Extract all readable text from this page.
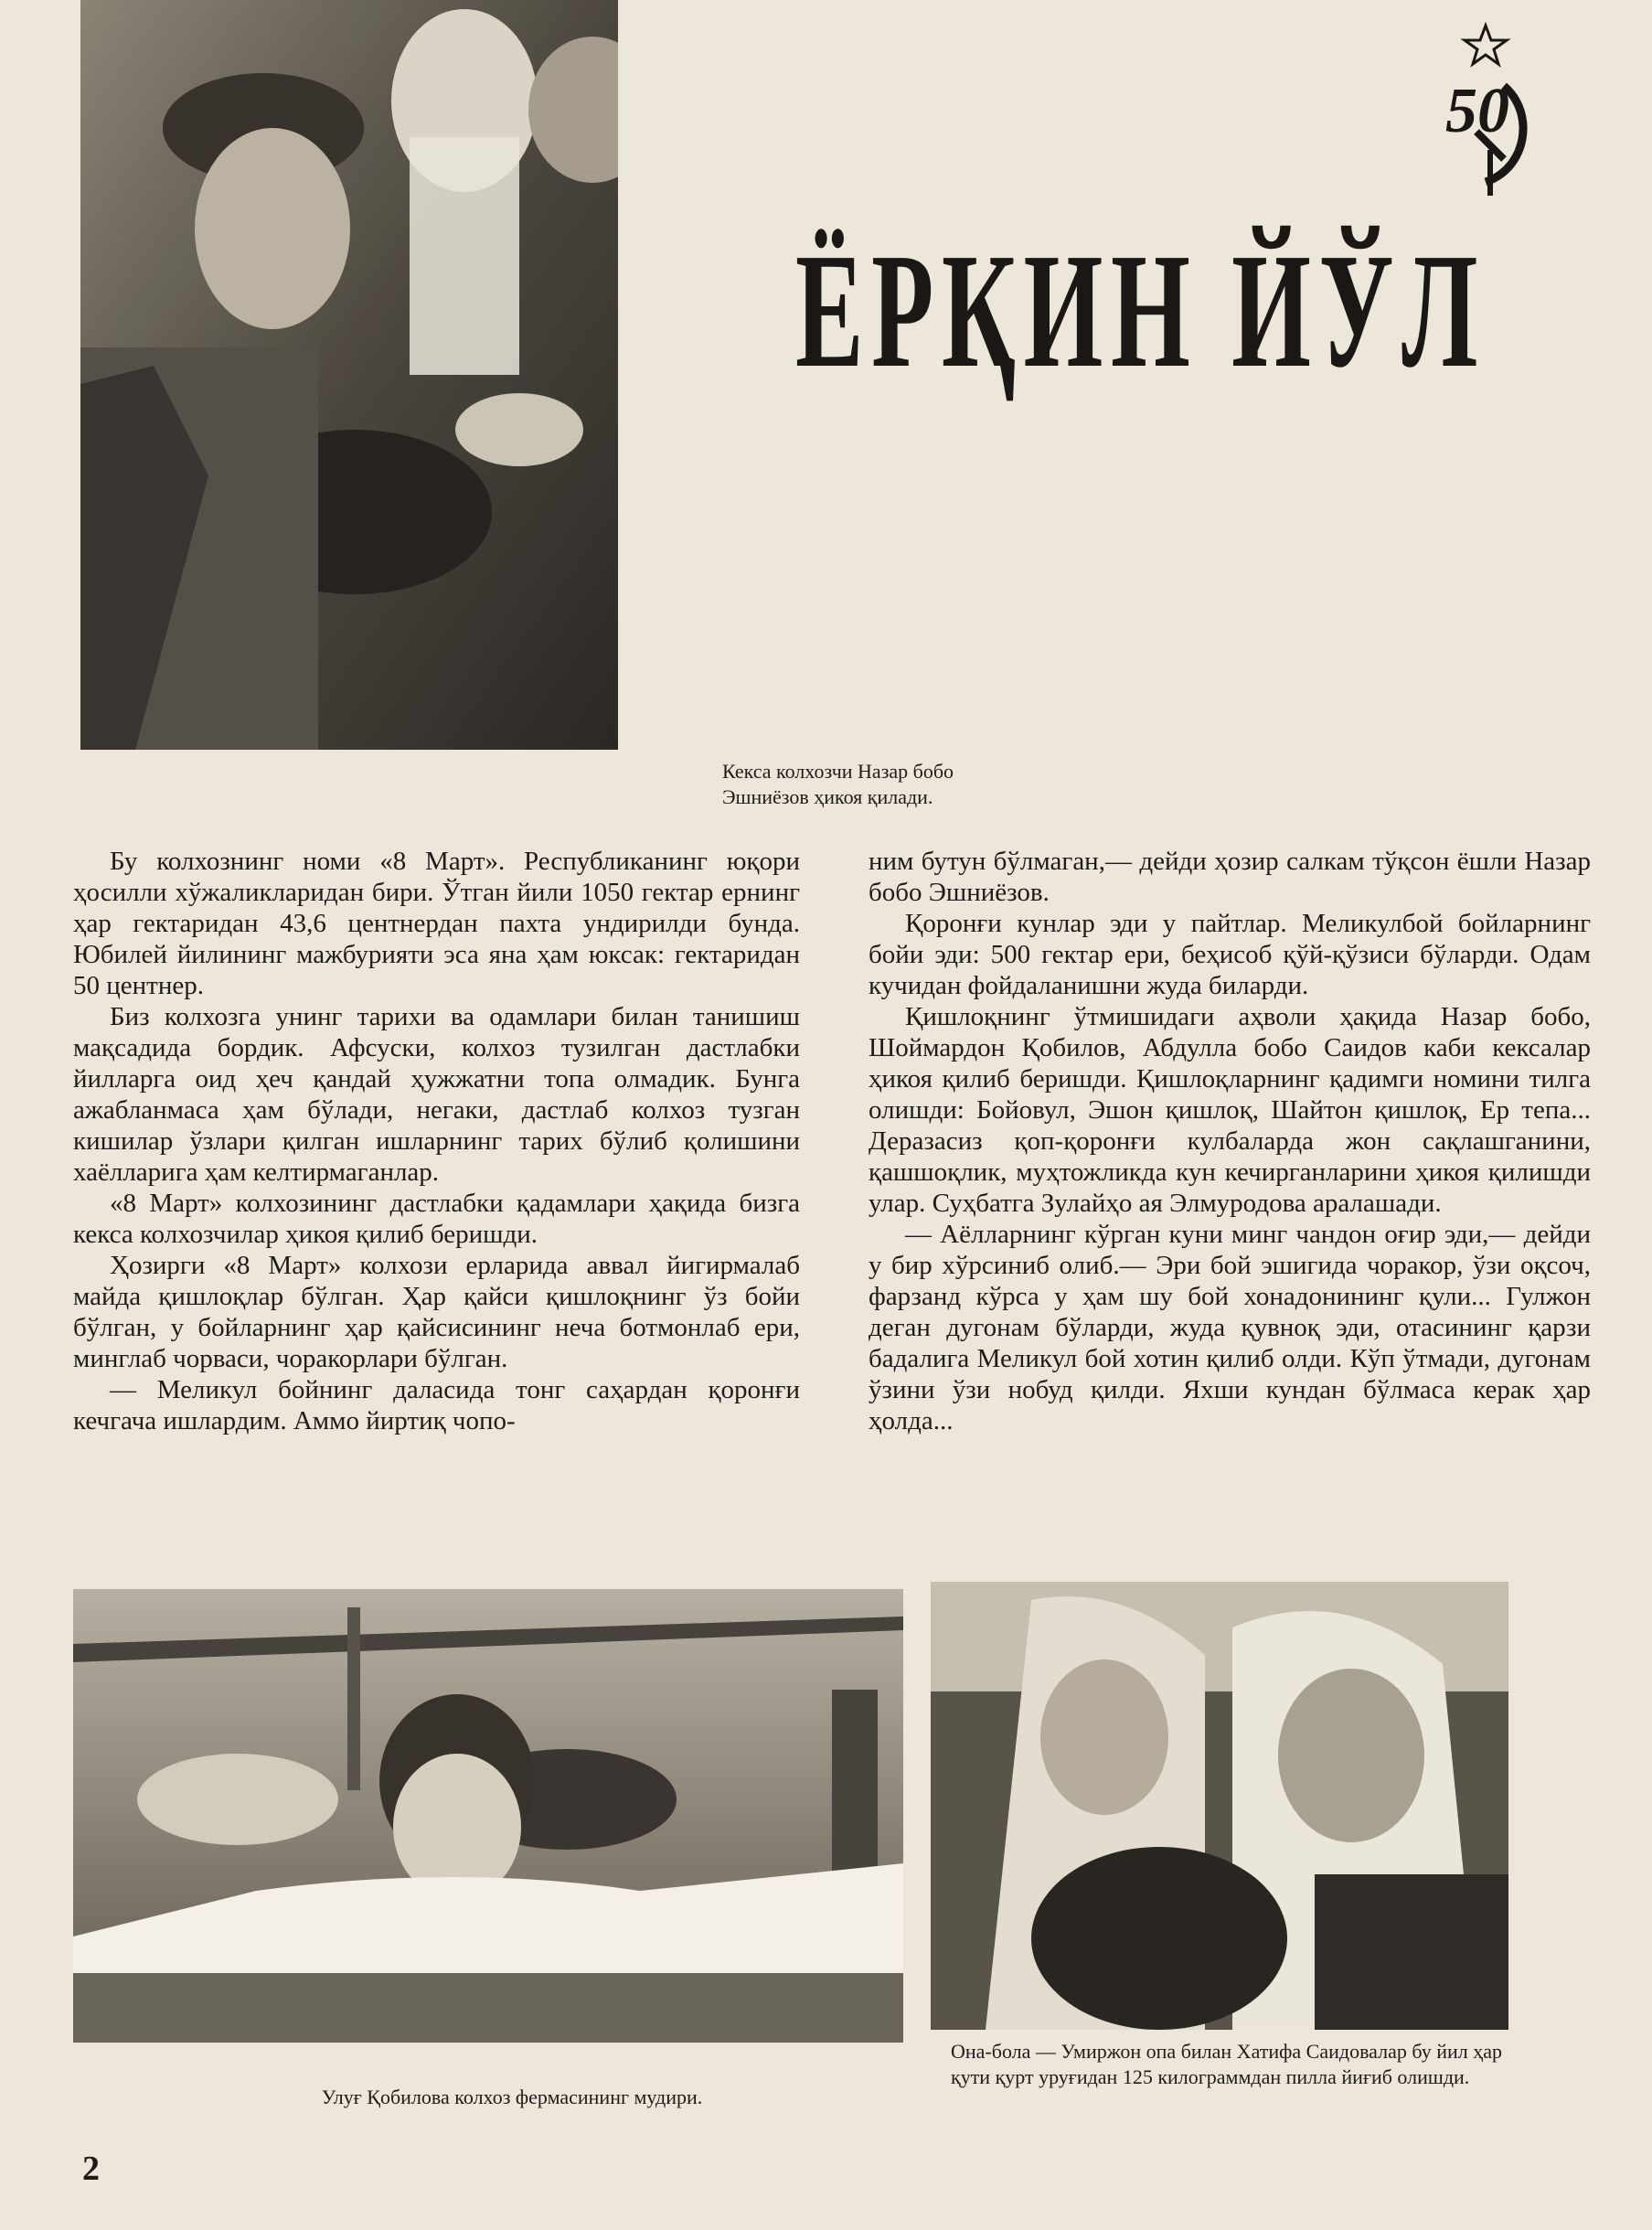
50
ЁРҚИН ЙЎЛ
Кекса колхозчи Назар бобо Эшниёзов ҳикоя қилади.

Бу колхознинг номи «8 Март». Республиканинг юқори ҳосилли хўжаликларидан бири. Ўтган йили 1050 гектар ернинг ҳар гектаридан 43,6 центнердан пахта ундирилди бунда. Юбилей йилининг мажбурияти эса яна ҳам юксак: гектаридан 50 центнер.

Биз колхозга унинг тарихи ва одамлари билан танишиш мақсадида бордик. Афсуски, колхоз тузилган дастлабки йилларга оид ҳеч қандай ҳужжатни топа олмадик. Бунга ажабланмаса ҳам бўлади, негаки, дастлаб колхоз тузган кишилар ўзлари қилган ишларнинг тарих бўлиб қолишини хаёлларига ҳам келтирмаганлар.

«8 Март» колхозининг дастлабки қадамлари ҳақида бизга кекса колхозчилар ҳикоя қилиб беришди.

Ҳозирги «8 Март» колхози ерларида аввал йигирмалаб майда қишлоқлар бўлган. Ҳар қайси қишлоқнинг ўз бойи бўлган, у бойларнинг ҳар қайсисининг неча ботмонлаб ери, минглаб чорваси, чоракорлари бўлган.

— Меликул бойнинг даласида тонг саҳардан қоронғи кечгача ишлардим. Аммо йиртиқ чопо-

ним бутун бўлмаган,— дейди ҳозир салкам тўқсон ёшли Назар бобо Эшниёзов.

Қоронғи кунлар эди у пайтлар. Меликулбой бойларнинг бойи эди: 500 гектар ери, беҳисоб қўй-қўзиси бўларди. Одам кучидан фойдаланишни жуда биларди.

Қишлоқнинг ўтмишидаги аҳволи ҳақида Назар бобо, Шоймардон Қобилов, Абдулла бобо Саидов каби кексалар ҳикоя қилиб беришди. Қишлоқларнинг қадимги номини тилга олишди: Бойовул, Эшон қишлоқ, Шайтон қишлоқ, Ер тепа... Деразасиз қоп-қоронғи кулбаларда жон сақлашганини, қашшоқлик, муҳтожликда кун кечирганларини ҳикоя қилишди улар. Суҳбатга Зулайҳо ая Элмуродова аралашади.

— Аёлларнинг кўрган куни минг чандон оғир эди,— дейди у бир хўрсиниб олиб.— Эри бой эшигида чоракор, ўзи оқсоч, фарзанд кўрса у ҳам шу бой хонадонининг қули... Гулжон деган дугонам бўларди, жуда қувноқ эди, отасининг қарзи бадалига Меликул бой хотин қилиб олди. Кўп ўтмади, дугонам ўзини ўзи нобуд қилди. Яхши кундан бўлмаса керак ҳар ҳолда...

Улуғ Қобилова колхоз фермасининг мудири.
Она-бола — Умиржон опа билан Хатифа Саидовалар бу йил ҳар қути қурт уруғидан 125 килограммдан пилла йиғиб олишди.
2
